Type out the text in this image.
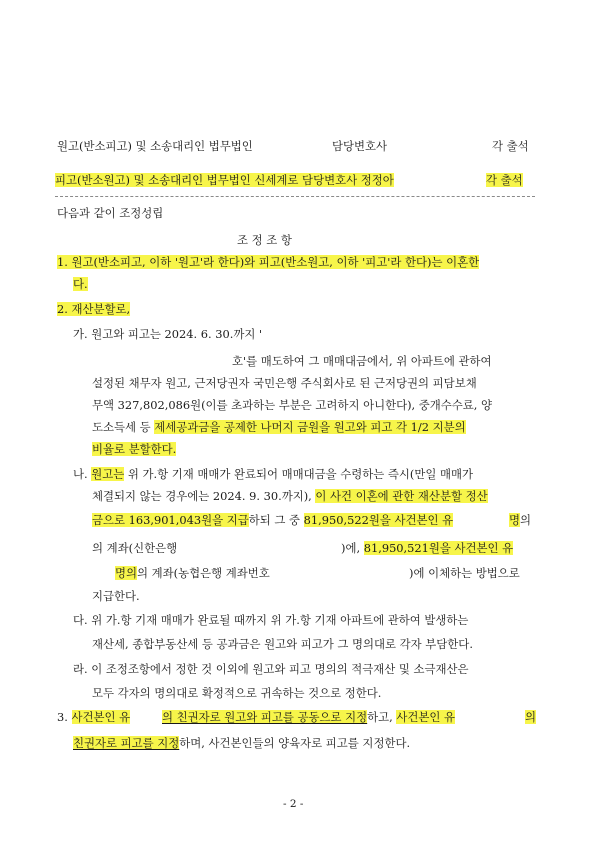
원고(반소피고) 및 소송대리인 법무법인	담당변호사	각 출석
피고(반소원고) 및 소송대리인 법무법인 신세계로 담당변호사 정정아	각 출석
다음과 같이 조정성립
조 정 조 항
1. 원고(반소피고, 이하 '원고'라 한다)와 피고(반소원고, 이하 '피고'라 한다)는 이혼한
다.
2. 재산분할로,
가. 원고와 피고는 2024. 6. 30.까지 '
호'를 매도하여 그 매매대금에서, 위 아파트에 관하여
설정된 채무자 원고, 근저당권자 국민은행 주식회사로 된 근저당권의 피담보채
무액 327,802,086원(이를 초과하는 부분은 고려하지 아니한다), 중개수수료, 양
도소득세 등 제세공과금을 공제한 나머지 금원을 원고와 피고 각 1/2 지분의
비율로 분할한다.
나. 원고는 위 가.항 기재 매매가 완료되어 매매대금을 수령하는 즉시(만일 매매가
체결되지 않는 경우에는 2024. 9. 30.까지), 이 사건 이혼에 관한 재산분할 정산
금으로 163,901,043원을 지급하되 그 중 81,950,522원을 사건본인 유	명의
의 계좌(신한은행	)에, 81,950,521원을 사건본인 유
명의의 계좌(농협은행 계좌번호	)에 이체하는 방법으로
지급한다.
다. 위 가.항 기재 매매가 완료될 때까지 위 가.항 기재 아파트에 관하여 발생하는
재산세, 종합부동산세 등 공과금은 원고와 피고가 그 명의대로 각자 부담한다.
라. 이 조정조항에서 정한 것 이외에 원고와 피고 명의의 적극재산 및 소극재산은
모두 각자의 명의대로 확정적으로 귀속하는 것으로 정한다.
3. 사건본인 유	의 친권자로 원고와 피고를 공동으로 지정하고, 사건본인 유	의
친권자로 피고를 지정하며, 사건본인들의 양육자로 피고를 지정한다.
- 2 -
